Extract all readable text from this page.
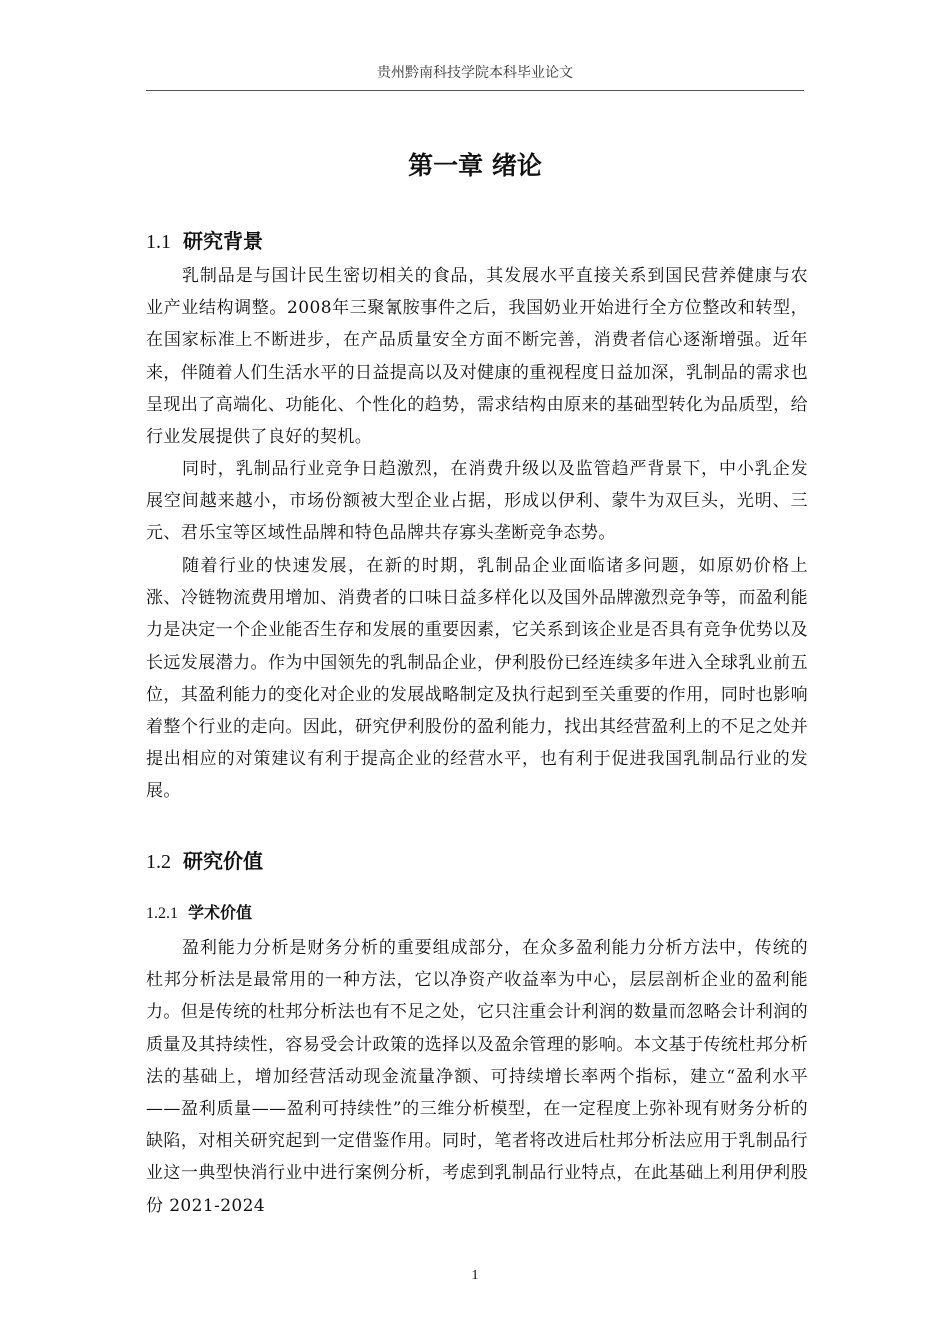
贵州黔南科技学院本科毕业论文
第一章 绪论
1.1 研究背景

乳制品是与国计民生密切相关的食品，其发展水平直接关系到国民营养健康与农业产业结构调整。2008年三聚氰胺事件之后，我国奶业开始进行全方位整改和转型，在国家标准上不断进步，在产品质量安全方面不断完善，消费者信心逐渐增强。近年来，伴随着人们生活水平的日益提高以及对健康的重视程度日益加深，乳制品的需求也呈现出了高端化、功能化、个性化的趋势，需求结构由原来的基础型转化为品质型，给行业发展提供了良好的契机。

同时，乳制品行业竞争日趋激烈，在消费升级以及监管趋严背景下，中小乳企发展空间越来越小，市场份额被大型企业占据，形成以伊利、蒙牛为双巨头，光明、三元、君乐宝等区域性品牌和特色品牌共存寡头垄断竞争态势。

随着行业的快速发展，在新的时期，乳制品企业面临诸多问题，如原奶价格上涨、冷链物流费用增加、消费者的口味日益多样化以及国外品牌激烈竞争等，而盈利能力是决定一个企业能否生存和发展的重要因素，它关系到该企业是否具有竞争优势以及长远发展潜力。作为中国领先的乳制品企业，伊利股份已经连续多年进入全球乳业前五位，其盈利能力的变化对企业的发展战略制定及执行起到至关重要的作用，同时也影响着整个行业的走向。因此，研究伊利股份的盈利能力，找出其经营盈利上的不足之处并提出相应的对策建议有利于提高企业的经营水平，也有利于促进我国乳制品行业的发展。

1.2 研究价值
1.2.1 学术价值

盈利能力分析是财务分析的重要组成部分，在众多盈利能力分析方法中，传统的杜邦分析法是最常用的一种方法，它以净资产收益率为中心，层层剖析企业的盈利能力。但是传统的杜邦分析法也有不足之处，它只注重会计利润的数量而忽略会计利润的质量及其持续性，容易受会计政策的选择以及盈余管理的影响。本文基于传统杜邦分析法的基础上，增加经营活动现金流量净额、可持续增长率两个指标，建立“盈利水平——盈利质量——盈利可持续性”的三维分析模型，在一定程度上弥补现有财务分析的缺陷，对相关研究起到一定借鉴作用。同时，笔者将改进后杜邦分析法应用于乳制品行业这一典型快消行业中进行案例分析，考虑到乳制品行业特点，在此基础上利用伊利股份 2021-2024

1
